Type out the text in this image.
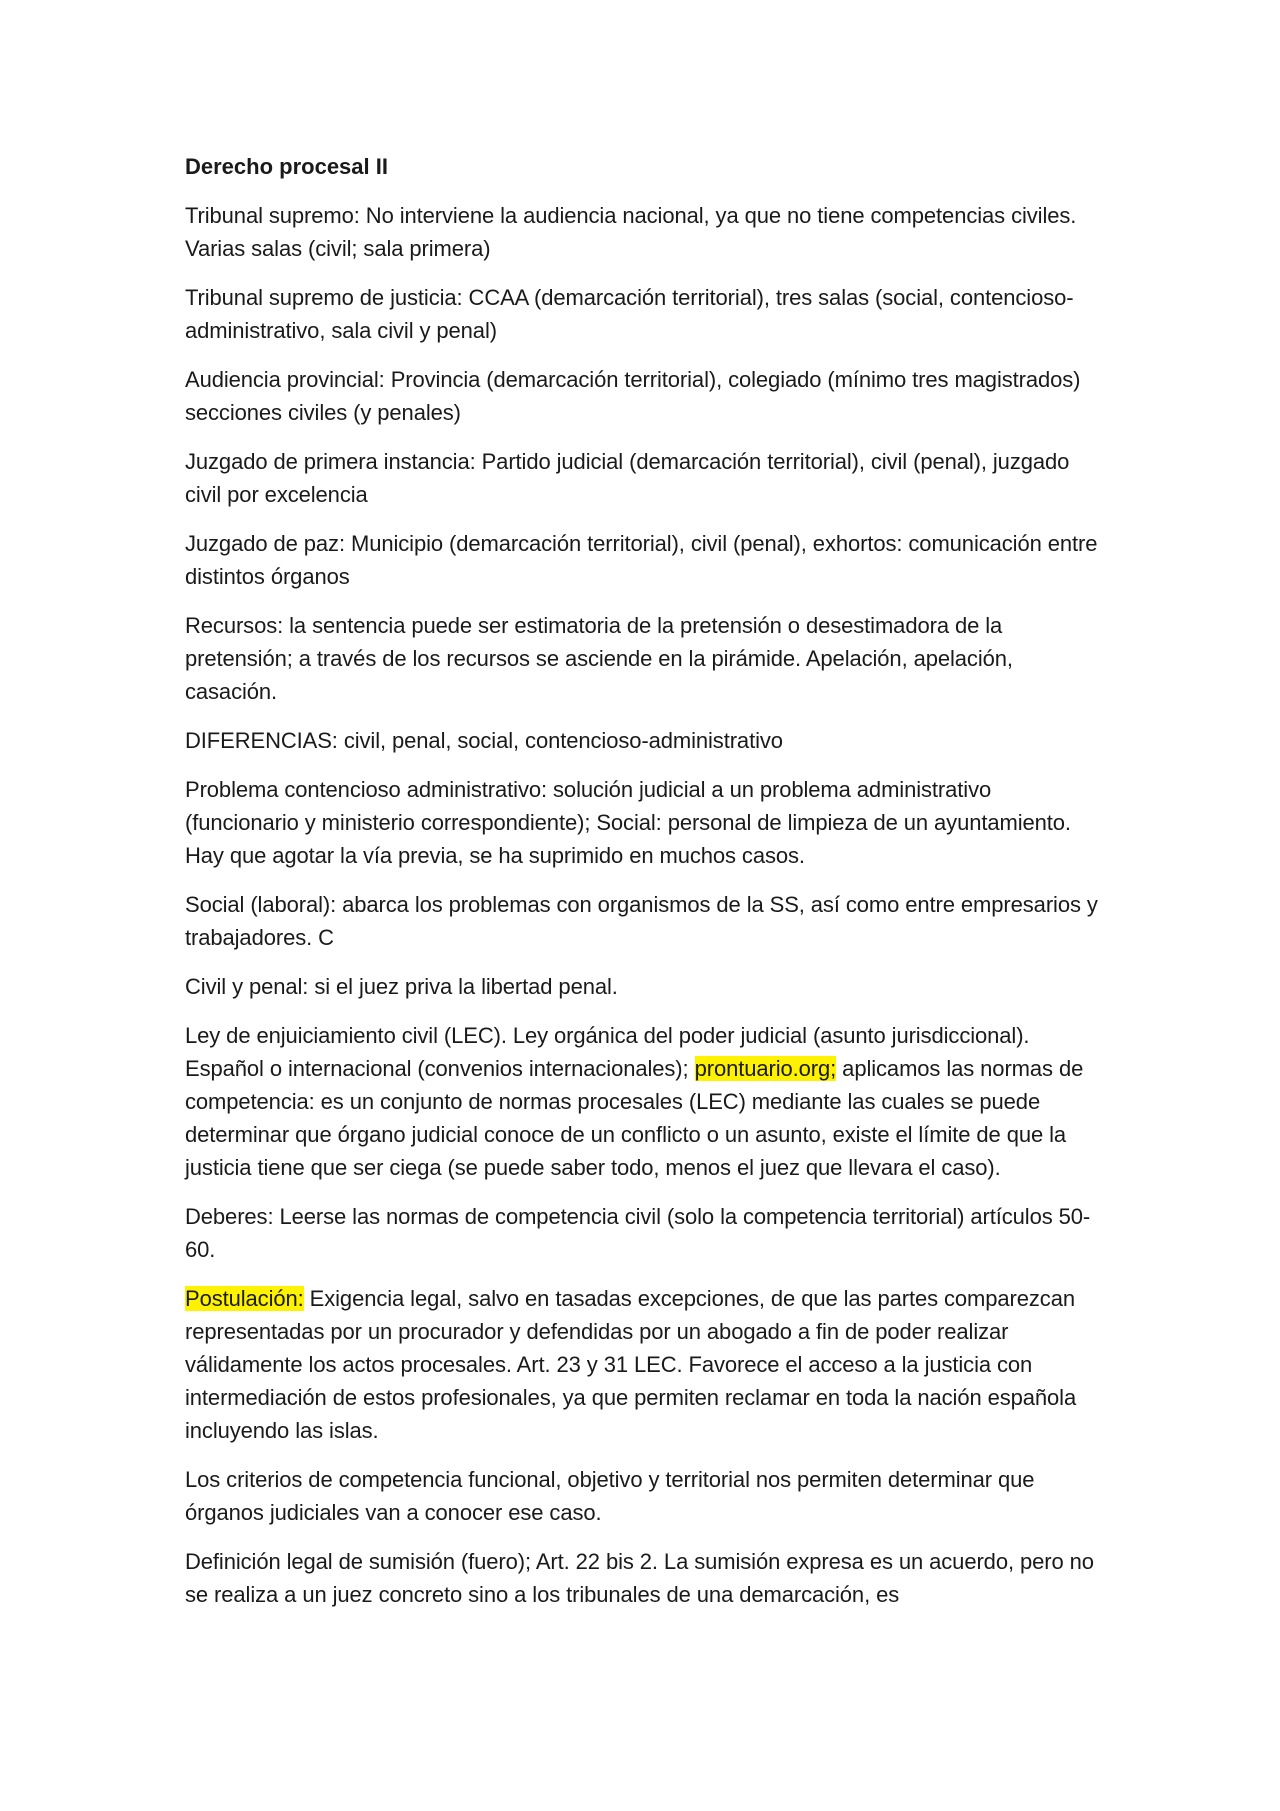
Derecho procesal II

Tribunal supremo: No interviene la audiencia nacional, ya que no tiene competencias civiles. Varias salas (civil; sala primera)

Tribunal supremo de justicia: CCAA (demarcación territorial), tres salas (social, contencioso-administrativo, sala civil y penal)

Audiencia provincial: Provincia (demarcación territorial), colegiado (mínimo tres magistrados) secciones civiles (y penales)

Juzgado de primera instancia: Partido judicial (demarcación territorial), civil (penal), juzgado civil por excelencia

Juzgado de paz: Municipio (demarcación territorial), civil (penal), exhortos: comunicación entre distintos órganos

Recursos: la sentencia puede ser estimatoria de la pretensión o desestimadora de la pretensión; a través de los recursos se asciende en la pirámide. Apelación, apelación, casación.

DIFERENCIAS: civil, penal, social, contencioso-administrativo

Problema contencioso administrativo: solución judicial a un problema administrativo (funcionario y ministerio correspondiente); Social: personal de limpieza de un ayuntamiento. Hay que agotar la vía previa, se ha suprimido en muchos casos.

Social (laboral): abarca los problemas con organismos de la SS, así como entre empresarios y trabajadores. C

Civil y penal: si el juez priva la libertad penal.

Ley de enjuiciamiento civil (LEC). Ley orgánica del poder judicial (asunto jurisdiccional). Español o internacional (convenios internacionales); prontuario.org; aplicamos las normas de competencia: es un conjunto de normas procesales (LEC) mediante las cuales se puede determinar que órgano judicial conoce de un conflicto o un asunto, existe el límite de que la justicia tiene que ser ciega (se puede saber todo, menos el juez que llevara el caso).

Deberes: Leerse las normas de competencia civil (solo la competencia territorial) artículos 50-60.

Postulación: Exigencia legal, salvo en tasadas excepciones, de que las partes comparezcan representadas por un procurador y defendidas por un abogado a fin de poder realizar válidamente los actos procesales. Art. 23 y 31 LEC. Favorece el acceso a la justicia con intermediación de estos profesionales, ya que permiten reclamar en toda la nación española incluyendo las islas.

Los criterios de competencia funcional, objetivo y territorial nos permiten determinar que órganos judiciales van a conocer ese caso.

Definición legal de sumisión (fuero); Art. 22 bis 2. La sumisión expresa es un acuerdo, pero no se realiza a un juez concreto sino a los tribunales de una demarcación, es
